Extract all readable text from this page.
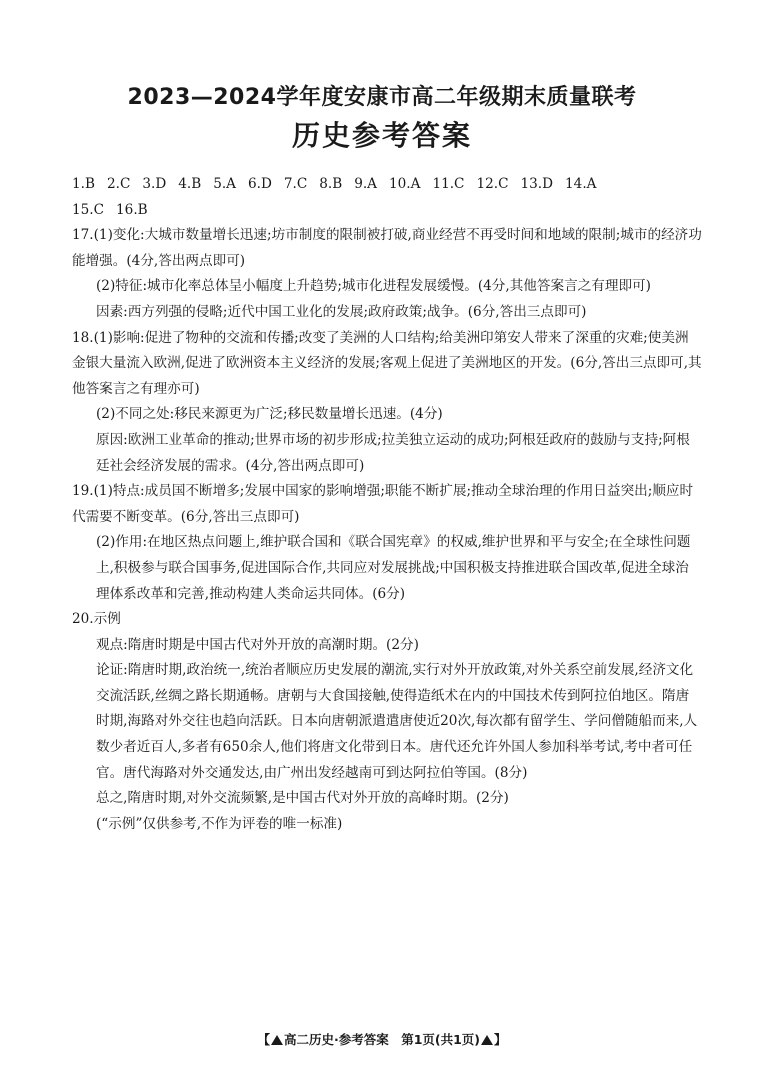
2023—2024学年度安康市高二年级期末质量联考
历史参考答案
1.B 2.C 3.D 4.B 5.A 6.D 7.C 8.B 9.A 10.A 11.C 12.C 13.D 14.A
15.C 16.B
17.(1)变化:大城市数量增长迅速;坊市制度的限制被打破,商业经营不再受时间和地域的限制;城市的经济功能增强。(4分,答出两点即可)
(2)特征:城市化率总体呈小幅度上升趋势;城市化进程发展缓慢。(4分,其他答案言之有理即可)
因素:西方列强的侵略;近代中国工业化的发展;政府政策;战争。(6分,答出三点即可)
18.(1)影响:促进了物种的交流和传播;改变了美洲的人口结构;给美洲印第安人带来了深重的灾难;使美洲金银大量流入欧洲,促进了欧洲资本主义经济的发展;客观上促进了美洲地区的开发。(6分,答出三点即可,其他答案言之有理亦可)
(2)不同之处:移民来源更为广泛;移民数量增长迅速。(4分)
原因:欧洲工业革命的推动;世界市场的初步形成;拉美独立运动的成功;阿根廷政府的鼓励与支持;阿根廷社会经济发展的需求。(4分,答出两点即可)
19.(1)特点:成员国不断增多;发展中国家的影响增强;职能不断扩展;推动全球治理的作用日益突出;顺应时代需要不断变革。(6分,答出三点即可)
(2)作用:在地区热点问题上,维护联合国和《联合国宪章》的权威,维护世界和平与安全;在全球性问题上,积极参与联合国事务,促进国际合作,共同应对发展挑战;中国积极支持推进联合国改革,促进全球治理体系改革和完善,推动构建人类命运共同体。(6分)
20.示例
观点:隋唐时期是中国古代对外开放的高潮时期。(2分)
论证:隋唐时期,政治统一,统治者顺应历史发展的潮流,实行对外开放政策,对外关系空前发展,经济文化交流活跃,丝绸之路长期通畅。唐朝与大食国接触,使得造纸术在内的中国技术传到阿拉伯地区。隋唐时期,海路对外交往也趋向活跃。日本向唐朝派遣遣唐使近20次,每次都有留学生、学问僧随船而来,人数少者近百人,多者有650余人,他们将唐文化带到日本。唐代还允许外国人参加科举考试,考中者可任官。唐代海路对外交通发达,由广州出发经越南可到达阿拉伯等国。(8分)
总之,隋唐时期,对外交流频繁,是中国古代对外开放的高峰时期。(2分)
(“示例”仅供参考,不作为评卷的唯一标准)
【 高二历史·参考答案　第1页(共1页) 】
